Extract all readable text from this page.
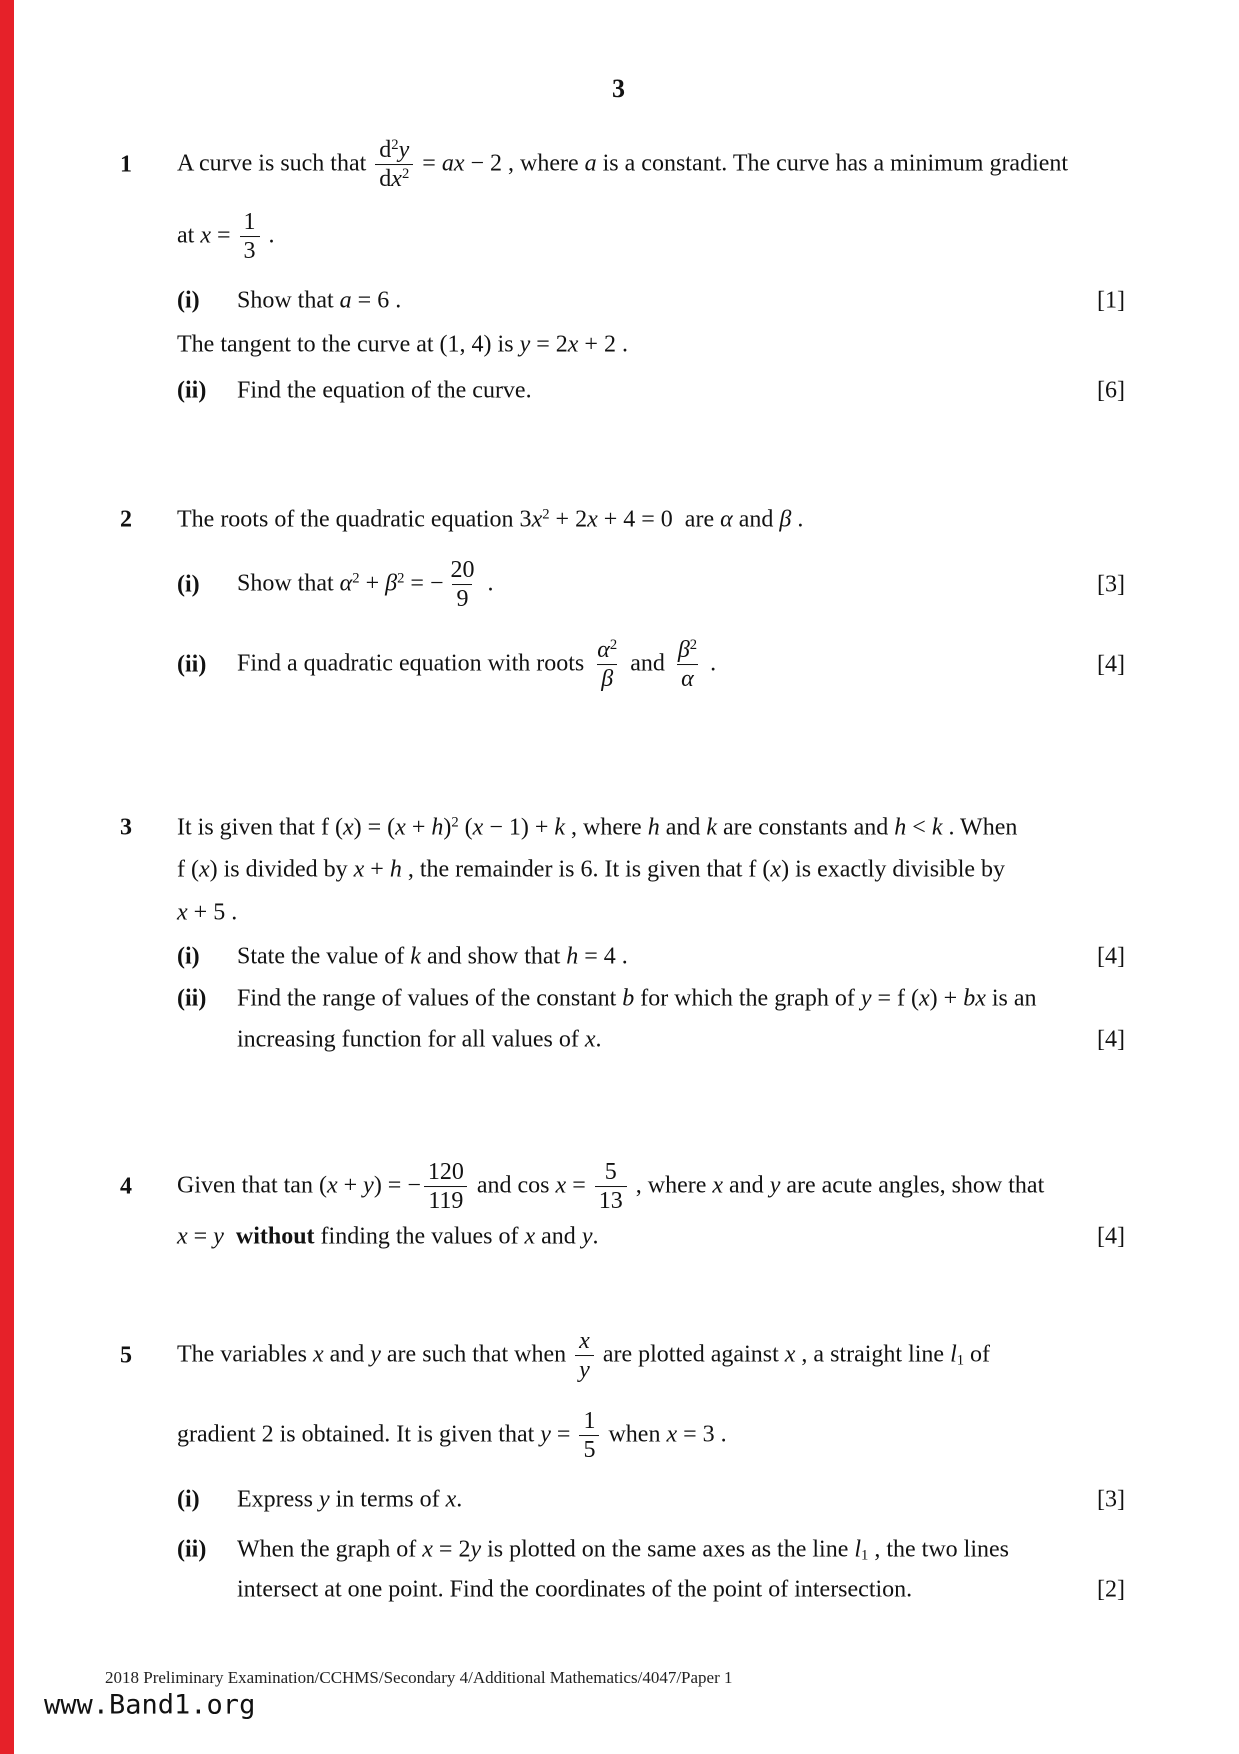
3
1 A curve is such that $\frac{d^2y}{dx^2}$ = ax − 2 , where a is a constant. The curve has a minimum gradient
at $x = \frac{1}{3}$ .
(i) Show that a = 6 .	[1]
The tangent to the curve at (1, 4) is y = 2x + 2 .
(ii) Find the equation of the curve.	[6]
2 The roots of the quadratic equation $3x^2 + 2x + 4 = 0$  are α and β .
(i) Show that $\alpha^2 + \beta^2$ = − $\frac{20}{9}$ .	[3]
(ii) Find a quadratic equation with roots $\frac{\alpha^2}{\beta}$ and $\frac{\beta^2}{\alpha}$ .	[4]
3 It is given that f $(x) = (x + h)^2$ (x − 1) + k , where h and k are constants and h < k . When
f (x) is divided by x + h , the remainder is 6. It is given that f (x) is exactly divisible by
x + 5 .
(i) State the value of k and show that h = 4 .	[4]
(ii) Find the range of values of the constant b for which the graph of y = f (x) + bx is an
increasing function for all values of x.	[4]
4 Given that tan (x + y) = − $\frac{120}{119}$ and $\cos x = \frac{5}{13}$ , where x and y are acute angles, show that
x = y without finding the values of x and y.	[4]
5 The variables x and y are such that when $\frac{x}{y}$ are plotted against x , a straight line l1 of
gradient 2 is obtained. It is given that $y = \frac{1}{5}$ when x = 3 .
(i) Express y in terms of x.	[3]
(ii) When the graph of x = 2y is plotted on the same axes as the line l1 , the two lines
intersect at one point. Find the coordinates of the point of intersection.	[2]
2018 Preliminary Examination/CCHMS/Secondary 4/Additional Mathematics/4047/Paper 1
www.Band1.org
